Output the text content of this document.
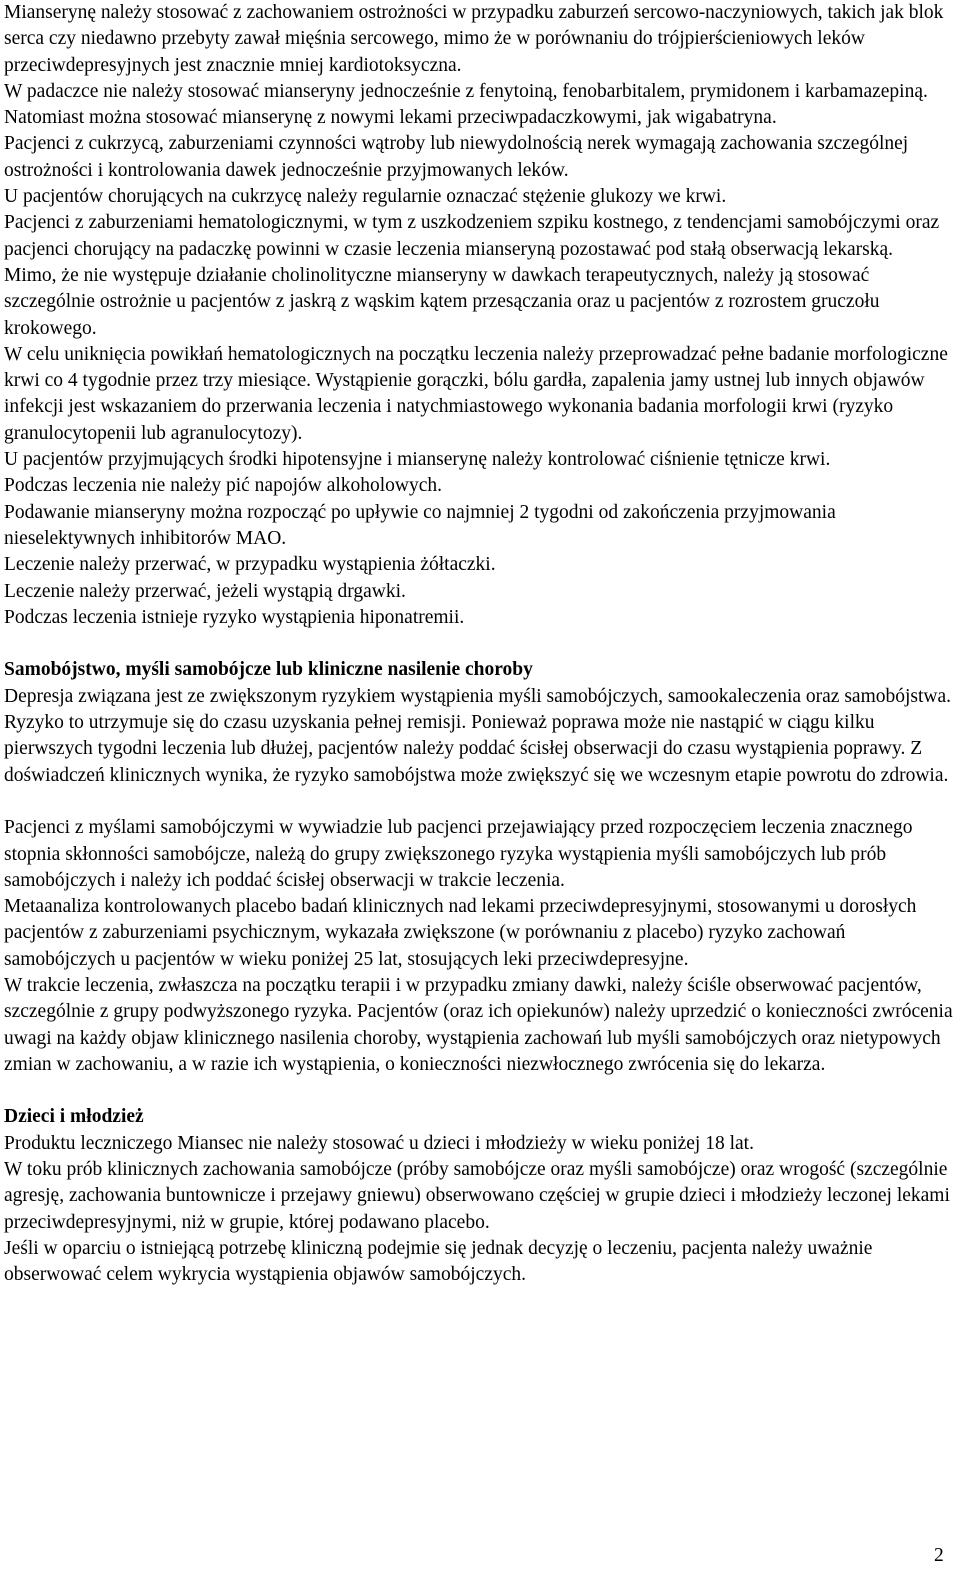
Mianserynę należy stosować z zachowaniem ostrożności w przypadku zaburzeń sercowo-naczyniowych, takich jak blok serca czy niedawno przebyty zawał mięśnia sercowego, mimo że w porównaniu do trójpierścieniowych leków przeciwdepresyjnych jest znacznie mniej kardiotoksyczna.

W padaczce nie należy stosować mianseryny jednocześnie z fenytoiną, fenobarbitalem, prymidonem i karbamazepiną. Natomiast można stosować mianserynę z nowymi lekami przeciwpadaczkowymi, jak wigabatryna.

Pacjenci z cukrzycą, zaburzeniami czynności wątroby lub niewydolnością nerek wymagają zachowania szczególnej ostrożności i kontrolowania dawek jednocześnie przyjmowanych leków.

U pacjentów chorujących na cukrzycę należy regularnie oznaczać stężenie glukozy we krwi.

Pacjenci z zaburzeniami hematologicznymi, w tym z uszkodzeniem szpiku kostnego, z tendencjami samobójczymi oraz pacjenci chorujący na padaczkę powinni w czasie leczenia mianseryną pozostawać pod stałą obserwacją lekarską.

Mimo, że nie występuje działanie cholinolityczne mianseryny w dawkach terapeutycznych, należy ją stosować szczególnie ostrożnie u pacjentów z jaskrą z wąskim kątem przesączania oraz u pacjentów z rozrostem gruczołu krokowego.

W celu uniknięcia powikłań hematologicznych na początku leczenia należy przeprowadzać pełne badanie morfologiczne krwi co 4 tygodnie przez trzy miesiące. Wystąpienie gorączki, bólu gardła, zapalenia jamy ustnej lub innych objawów infekcji jest wskazaniem do przerwania leczenia i natychmiastowego wykonania badania morfologii krwi (ryzyko granulocytopenii lub agranulocytozy).

U pacjentów przyjmujących środki hipotensyjne i mianserynę należy kontrolować ciśnienie tętnicze krwi.

Podczas leczenia nie należy pić napojów alkoholowych.

Podawanie mianseryny można rozpocząć po upływie co najmniej 2 tygodni od zakończenia przyjmowania nieselektywnych inhibitorów MAO.

Leczenie należy przerwać, w przypadku wystąpienia żółtaczki.

Leczenie należy przerwać, jeżeli wystąpią drgawki.

Podczas leczenia istnieje ryzyko wystąpienia hiponatremii.

Samobójstwo, myśli samobójcze lub kliniczne nasilenie choroby

Depresja związana jest ze zwiększonym ryzykiem wystąpienia myśli samobójczych, samookaleczenia oraz samobójstwa. Ryzyko to utrzymuje się do czasu uzyskania pełnej remisji. Ponieważ poprawa może nie nastąpić w ciągu kilku pierwszych tygodni leczenia lub dłużej, pacjentów należy poddać ścisłej obserwacji do czasu wystąpienia poprawy. Z doświadczeń klinicznych wynika, że ryzyko samobójstwa może zwiększyć się we wczesnym etapie powrotu do zdrowia.

Pacjenci z myślami samobójczymi w wywiadzie lub pacjenci przejawiający przed rozpoczęciem leczenia znacznego stopnia skłonności samobójcze, należą do grupy zwiększonego ryzyka wystąpienia myśli samobójczych lub prób samobójczych i należy ich poddać ścisłej obserwacji w trakcie leczenia.

Metaanaliza kontrolowanych placebo badań klinicznych nad lekami przeciwdepresyjnymi, stosowanymi u dorosłych pacjentów z zaburzeniami psychicznym, wykazała zwiększone (w porównaniu z placebo) ryzyko zachowań samobójczych u pacjentów w wieku poniżej 25 lat, stosujących leki przeciwdepresyjne.

W trakcie leczenia, zwłaszcza na początku terapii i w przypadku zmiany dawki, należy ściśle obserwować pacjentów, szczególnie z grupy podwyższonego ryzyka. Pacjentów (oraz ich opiekunów) należy uprzedzić o konieczności zwrócenia uwagi na każdy objaw klinicznego nasilenia choroby, wystąpienia zachowań lub myśli samobójczych oraz nietypowych zmian w zachowaniu, a w razie ich wystąpienia, o konieczności niezwłocznego zwrócenia się do lekarza.

Dzieci i młodzież

Produktu leczniczego Miansec nie należy stosować u dzieci i młodzieży w wieku poniżej 18 lat.

W toku prób klinicznych zachowania samobójcze (próby samobójcze oraz myśli samobójcze) oraz wrogość (szczególnie agresję, zachowania buntownicze i przejawy gniewu) obserwowano częściej w grupie dzieci i młodzieży leczonej lekami przeciwdepresyjnymi, niż w grupie, której podawano placebo.

Jeśli w oparciu o istniejącą potrzebę kliniczną podejmie się jednak decyzję o leczeniu, pacjenta należy uważnie obserwować celem wykrycia wystąpienia objawów samobójczych.

2
